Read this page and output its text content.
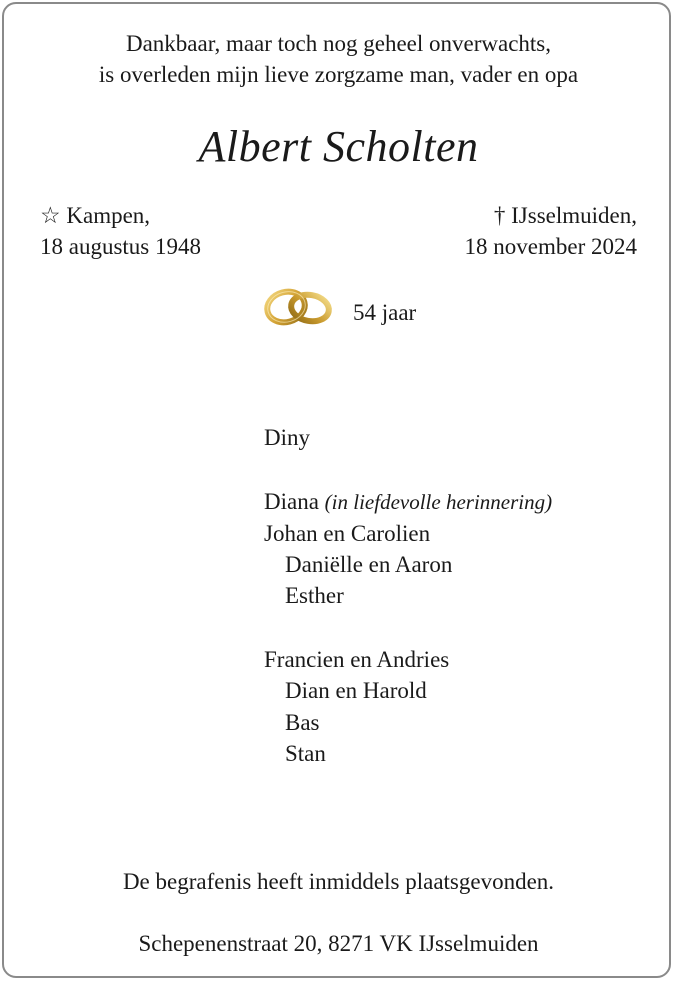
Dankbaar, maar toch nog geheel onverwachts,
is overleden mijn lieve zorgzame man, vader en opa
Albert Scholten
☆ Kampen,
18 augustus 1948
† IJsselmuiden,
18 november 2024
54 jaar
Diny
Diana (in liefdevolle herinnering)
Johan en Carolien
Daniëlle en Aaron
Esther
Francien en Andries
Dian en Harold
Bas
Stan
De begrafenis heeft inmiddels plaatsgevonden.
Schepenenstraat 20, 8271 VK IJsselmuiden
